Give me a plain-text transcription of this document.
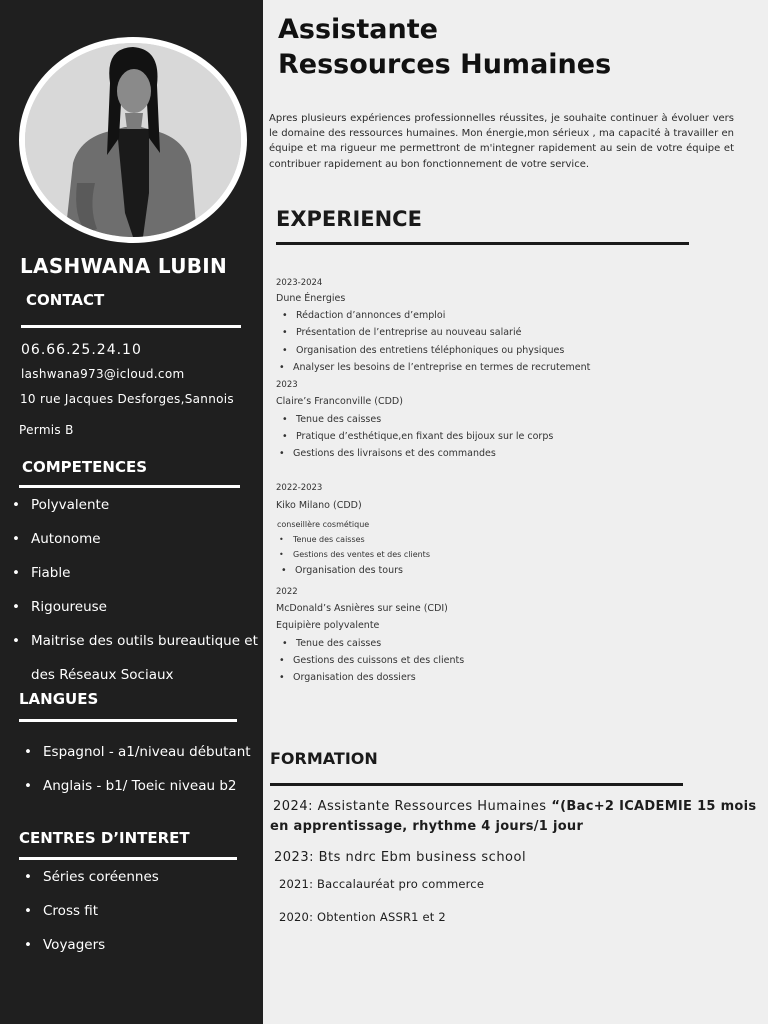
LASHWANA LUBIN
CONTACT
06.66.25.24.10
lashwana973@icloud.com
10 rue Jacques Desforges,Sannois
Permis B
COMPETENCES
• Polyvalente
• Autonome
• Fiable
• Rigoureuse
• Maitrise des outils bureautique et
des Réseaux Sociaux
LANGUES
• Espagnol - a1/niveau débutant
• Anglais - b1/ Toeic niveau b2
CENTRES D’INTERET
• Séries coréennes
• Cross fit
• Voyagers
Assistante
Ressources Humaines
Apres plusieurs expériences professionnelles réussites, je souhaite continuer à évoluer vers le domaine des ressources humaines. Mon énergie,mon sérieux , ma capacité à travailler en équipe et ma rigueur me permettront de m'integner rapidement au sein de votre équipe et contribuer rapidement au bon fonctionnement de votre service.
EXPERIENCE
2023-2024
Dune Énergies
• Rédaction d’annonces d’emploi
• Présentation de l’entreprise au nouveau salarié
• Organisation des entretiens téléphoniques ou physiques
• Analyser les besoins de l’entreprise en termes de recrutement
2023
Claire’s Franconville (CDD)
• Tenue des caisses
• Pratique d’esthétique,en fixant des bijoux sur le corps
• Gestions des livraisons et des commandes
2022-2023
Kiko Milano (CDD)
conseillère cosmétique
• Tenue des caisses
• Gestions des ventes et des clients
• Organisation des tours
2022
McDonald’s Asnières sur seine (CDI)
Equipière polyvalente
• Tenue des caisses
• Gestions des cuissons et des clients
• Organisation des dossiers
FORMATION
2024: Assistante Ressources Humaines “(Bac+2 ICADEMIE 15 mois
en apprentissage, rhythme 4 jours/1 jour
2023: Bts ndrc Ebm business school
2021: Baccalauréat pro commerce
2020: Obtention ASSR1 et 2
